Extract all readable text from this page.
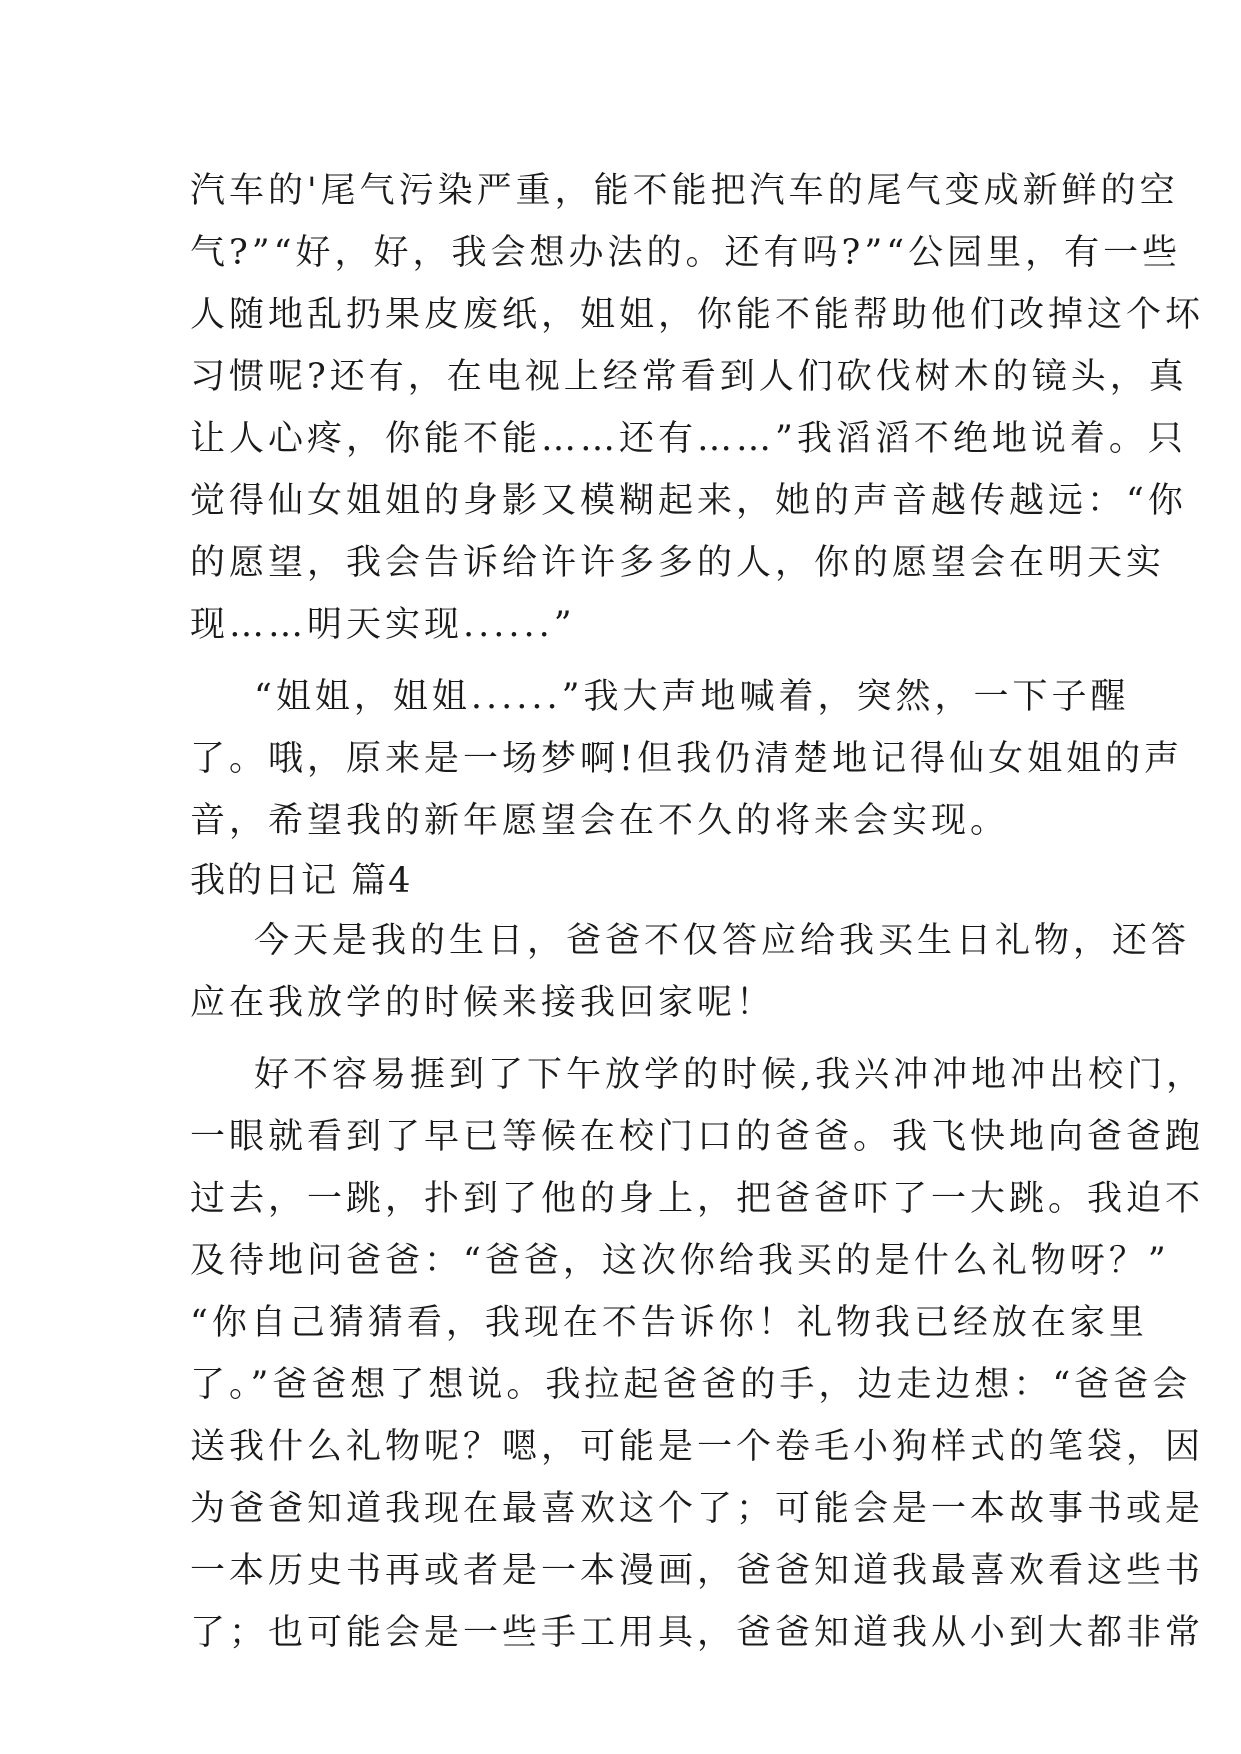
汽车的'尾气污染严重，能不能把汽车的尾气变成新鲜的空
气?”“好，好，我会想办法的。还有吗?”“公园里，有一些
人随地乱扔果皮废纸，姐姐，你能不能帮助他们改掉这个坏
习惯呢?还有，在电视上经常看到人们砍伐树木的镜头，真
让人心疼，你能不能……还有……”我滔滔不绝地说着。只
觉得仙女姐姐的身影又模糊起来，她的声音越传越远：“你
的愿望，我会告诉给许许多多的人，你的愿望会在明天实
现……明天实现......”
“姐姐，姐姐......”我大声地喊着，突然，一下子醒
了。哦，原来是一场梦啊!但我仍清楚地记得仙女姐姐的声
音，希望我的新年愿望会在不久的将来会实现。
我的日记 篇4
今天是我的生日，爸爸不仅答应给我买生日礼物，还答
应在我放学的时候来接我回家呢！
好不容易捱到了下午放学的时候,我兴冲冲地冲出校门，
一眼就看到了早已等候在校门口的爸爸。我飞快地向爸爸跑
过去，一跳，扑到了他的身上，把爸爸吓了一大跳。我迫不
及待地问爸爸：“爸爸，这次你给我买的是什么礼物呀？”
“你自己猜猜看，我现在不告诉你！礼物我已经放在家里
了。”爸爸想了想说。我拉起爸爸的手，边走边想：“爸爸会
送我什么礼物呢？嗯，可能是一个卷毛小狗样式的笔袋，因
为爸爸知道我现在最喜欢这个了；可能会是一本故事书或是
一本历史书再或者是一本漫画，爸爸知道我最喜欢看这些书
了；也可能会是一些手工用具，爸爸知道我从小到大都非常
